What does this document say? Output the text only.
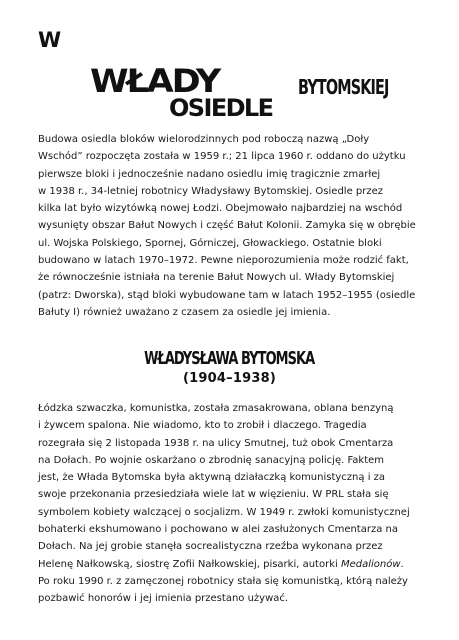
W
WŁADY	BYTOMSKIEJ
OSIEDLE

Budowa osiedla bloków wielorodzinnych pod roboczą nazwą „Doły
Wschód” rozpoczęta została w 1959 r.; 21 lipca 1960 r. oddano do użytku
pierwsze bloki i jednocześnie nadano osiedlu imię tragicznie zmarłej
w 1938 r., 34-letniej robotnicy Władysławy Bytomskiej. Osiedle przez
kilka lat było wizytówką nowej Łodzi. Obejmowało najbardziej na wschód
wysunięty obszar Bałut Nowych i część Bałut Kolonii. Zamyka się w obrębie
ul. Wojska Polskiego, Spornej, Górniczej, Głowackiego. Ostatnie bloki
budowano w latach 1970–1972. Pewne nieporozumienia może rodzić fakt,
że równocześnie istniała na terenie Bałut Nowych ul. Włady Bytomskiej
(patrz: Dworska), stąd bloki wybudowane tam w latach 1952–1955 (osiedle
Bałuty I) również uważano z czasem za osiedle jej imienia.

WŁADYSŁAWA BYTOMSKA
(1904–1938)

Łódzka szwaczka, komunistka, została zmasakrowana, oblana benzyną
i żywcem spalona. Nie wiadomo, kto to zrobił i dlaczego. Tragedia
rozegrała się 2 listopada 1938 r. na ulicy Smutnej, tuż obok Cmentarza
na Dołach. Po wojnie oskarżano o zbrodnię sanacyjną policję. Faktem
jest, że Włada Bytomska była aktywną działaczką komunistyczną i za
swoje przekonania przesiedziała wiele lat w więzieniu. W PRL stała się
symbolem kobiety walczącej o socjalizm. W 1949 r. zwłoki komunistycznej
bohaterki ekshumowano i pochowano w alei zasłużonych Cmentarza na
Dołach. Na jej grobie stanęła socrealistyczna rzeźba wykonana przez
Helenę Nałkowską, siostrę Zofii Nałkowskiej, pisarki, autorki Medalionów.
Po roku 1990 r. z zamęczonej robotnicy stała się komunistką, którą należy
pozbawić honorów i jej imienia przestano używać.
